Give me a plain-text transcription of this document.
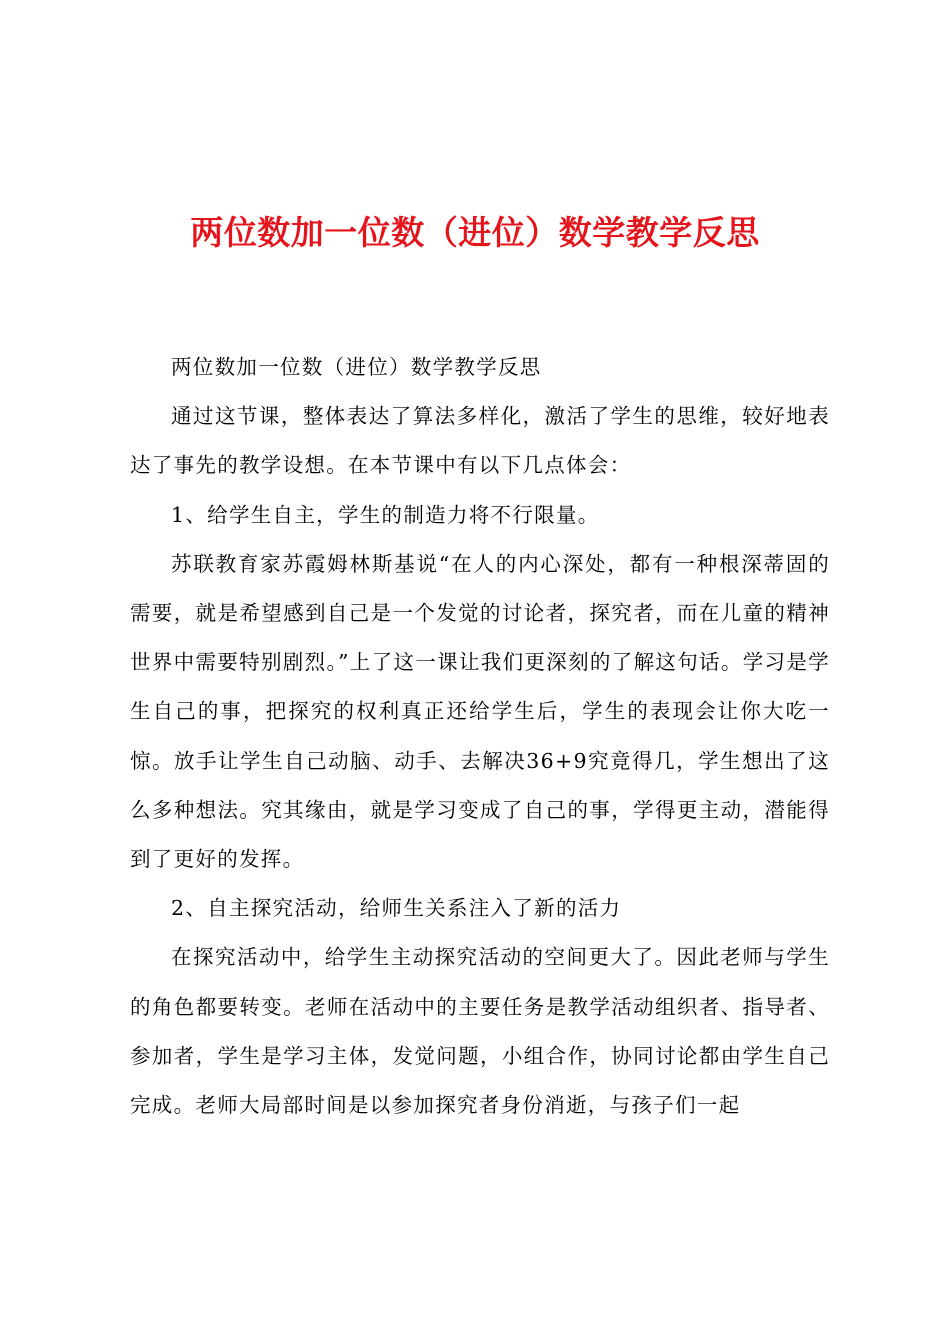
两位数加一位数（进位）数学教学反思

两位数加一位数（进位）数学教学反思

通过这节课，整体表达了算法多样化，激活了学生的思维，较好地表达了事先的教学设想。在本节课中有以下几点体会：

1、给学生自主，学生的制造力将不行限量。

苏联教育家苏霞姆林斯基说“在人的内心深处，都有一种根深蒂固的需要，就是希望感到自己是一个发觉的讨论者，探究者，而在儿童的精神世界中需要特别剧烈。”上了这一课让我们更深刻的了解这句话。学习是学生自己的事，把探究的权利真正还给学生后，学生的表现会让你大吃一惊。放手让学生自己动脑、动手、去解决36+9究竟得几，学生想出了这么多种想法。究其缘由，就是学习变成了自己的事，学得更主动，潜能得到了更好的发挥。

2、自主探究活动，给师生关系注入了新的活力

在探究活动中，给学生主动探究活动的空间更大了。因此老师与学生的角色都要转变。老师在活动中的主要任务是教学活动组织者、指导者、参加者，学生是学习主体，发觉问题，小组合作，协同讨论都由学生自己完成。老师大局部时间是以参加探究者身份消逝，与孩子们一起
